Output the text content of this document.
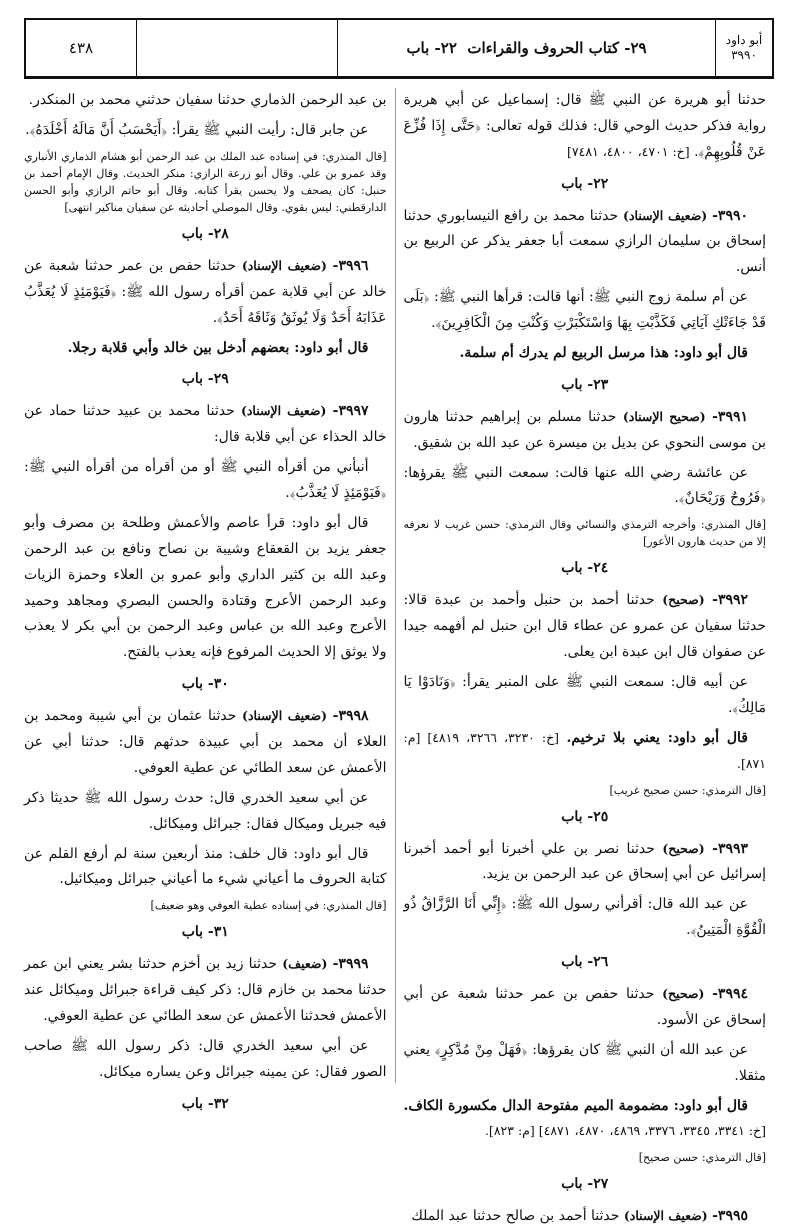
أبو داود
٣٩٩٠
٢٩- كتاب الحروف والقراءات

٢٢- باب
٤٣٨

حدثنا أبو هريرة عن النبي ﷺ قال: إسماعيل عن أبي هريرة رواية فذكر حديث الوحي قال: فذلك قوله تعالى: ﴿حَتَّى إِذَا فُزِّعَ عَنْ قُلُوبِهِمْ﴾. [خ: ٤٧٠١، ٤٨٠٠، ٧٤٨١]

٢٢- باب

٣٩٩٠- (ضعيف الإسناد) حدثنا محمد بن رافع النيسابوري حدثنا إسحاق بن سليمان الرازي سمعت أبا جعفر يذكر عن الربيع بن أنس.

عن أم سلمة زوج النبي ﷺ: أنها قالت: قرأها النبي ﷺ: ﴿بَلَى قَدْ جَاءَتْكِ آيَاتِي فَكَذَّبْتِ بِهَا وَاسْتَكْبَرْتِ وَكُنْتِ مِنَ الْكَافِرِينَ﴾.

قال أبو داود: هذا مرسل الربيع لم يدرك أم سلمة.

٢٣- باب

٣٩٩١- (صحيح الإسناد) حدثنا مسلم بن إبراهيم حدثنا هارون بن موسى النحوي عن بديل بن ميسرة عن عبد الله بن شقيق.

عن عائشة رضي الله عنها قالت: سمعت النبي ﷺ يقرؤها: ﴿فَرُوحٌ وَرَيْحَانٌ﴾.

[قال المنذري: وأخرجه الترمذي والنسائي وقال الترمذي: حسن غريب لا نعرفه إلا من حديث هارون الأعور]

٢٤- باب

٣٩٩٢- (صحيح) حدثنا أحمد بن حنبل وأحمد بن عبدة قالا: حدثنا سفيان عن عمرو عن عطاء قال ابن حنبل لم أفهمه جيدا عن صفوان قال ابن عبدة ابن يعلى.

عن أبيه قال: سمعت النبي ﷺ على المنبر يقرأ: ﴿وَنَادَوْا يَا مَالِكُ﴾.

قال أبو داود: يعني بلا ترخيم. [خ: ٣٢٣٠، ٣٢٦٦، ٤٨١٩] [م: ٨٧١].

[قال الترمذي: حسن صحيح غريب]

٢٥- باب

٣٩٩٣- (صحيح) حدثنا نصر بن علي أخبرنا أبو أحمد أخبرنا إسرائيل عن أبي إسحاق عن عبد الرحمن بن يزيد.

عن عبد الله قال: أقرأني رسول الله ﷺ: ﴿إِنِّي أَنَا الرَّزَّاقُ ذُو الْقُوَّةِ الْمَتِينُ﴾.

٢٦- باب

٣٩٩٤- (صحيح) حدثنا حفص بن عمر حدثنا شعبة عن أبي إسحاق عن الأسود.

عن عبد الله أن النبي ﷺ كان يقرؤها: ﴿فَهَلْ مِنْ مُدَّكِرٍ﴾ يعني مثقلا.

قال أبو داود: مضمومة الميم مفتوحة الدال مكسورة الكاف. [خ: ٣٣٤١، ٣٣٤٥، ٣٣٧٦، ٤٨٦٩، ٤٨٧٠، ٤٨٧١] [م: ٨٢٣].

[قال الترمذي: حسن صحيح]

٢٧- باب

٣٩٩٥- (ضعيف الإسناد) حدثنا أحمد بن صالح حدثنا عبد الملك

بن عبد الرحمن الذماري حدثنا سفيان حدثني محمد بن المنكدر.

عن جابر قال: رأيت النبي ﷺ يقرأ: ﴿أَيَحْسَبُ أَنَّ مَالَهُ أَخْلَدَهُ﴾.

[قال المنذري: في إسناده عبد الملك بن عبد الرحمن أبو هشام الذماري الأنباري وقد عمرو بن علي. وقال أبو زرعة الرازي: منكر الحديث. وقال الإمام أحمد بن حنبل: كان يصحف ولا يحسن يقرأ كتابه. وقال أبو حاتم الرازي وأبو الحسن الدارقطني: ليس بقوي. وقال الموصلي أحاديثه عن سفيان مناكير انتهى]

٢٨- باب

٣٩٩٦- (ضعيف الإسناد) حدثنا حفص بن عمر حدثنا شعبة عن خالد عن أبي قلابة عمن أقرأه رسول الله ﷺ: ﴿فَيَوْمَئِذٍ لَا يُعَذَّبُ عَذَابَهُ أَحَدٌ وَلَا يُوثَقُ وَثَاقَهُ أَحَدٌ﴾.

قال أبو داود: بعضهم أدخل بين خالد وأبي قلابة رجلا.

٢٩- باب

٣٩٩٧- (ضعيف الإسناد) حدثنا محمد بن عبيد حدثنا حماد عن خالد الحذاء عن أبي قلابة قال:

أنبأني من أقرأه النبي ﷺ أو من أقرأه من أقرأه النبي ﷺ: ﴿فَيَوْمَئِذٍ لَا يُعَذَّبُ﴾.

قال أبو داود: قرأ عاصم والأعمش وطلحة بن مصرف وأبو جعفر يزيد بن القعقاع وشيبة بن نصاح ونافع بن عبد الرحمن وعبد الله بن كثير الداري وأبو عمرو بن العلاء وحمزة الزيات وعبد الرحمن الأعرج وقتادة والحسن البصري ومجاهد وحميد الأعرج وعبد الله بن عباس وعبد الرحمن بن أبي بكر لا يعذب ولا يوثق إلا الحديث المرفوع فإنه يعذب بالفتح.

٣٠- باب

٣٩٩٨- (ضعيف الإسناد) حدثنا عثمان بن أبي شيبة ومحمد بن العلاء أن محمد بن أبي عبيدة حدثهم قال: حدثنا أبي عن الأعمش عن سعد الطائي عن عطية العوفي.

عن أبي سعيد الخدري قال: حدث رسول الله ﷺ حديثا ذكر فيه جبريل وميكال فقال: جبرائل وميكائل.

قال أبو داود: قال خلف: منذ أربعين سنة لم أرفع القلم عن كتابة الحروف ما أعياني شيء ما أعياني جبرائل وميكائيل.

[قال المنذري: في إسناده عطية العوفي وهو ضعيف]

٣١- باب

٣٩٩٩- (ضعيف) حدثنا زيد بن أخزم حدثنا بشر يعني ابن عمر حدثنا محمد بن خازم قال: ذكر كيف قراءة جبرائل وميكائل عند الأعمش فحدثنا الأعمش عن سعد الطائي عن عطية العوفي.

عن أبي سعيد الخدري قال: ذكر رسول الله ﷺ صاحب الصور فقال: عن يمينه جبرائل وعن يساره ميكائل.

٣٢- باب
